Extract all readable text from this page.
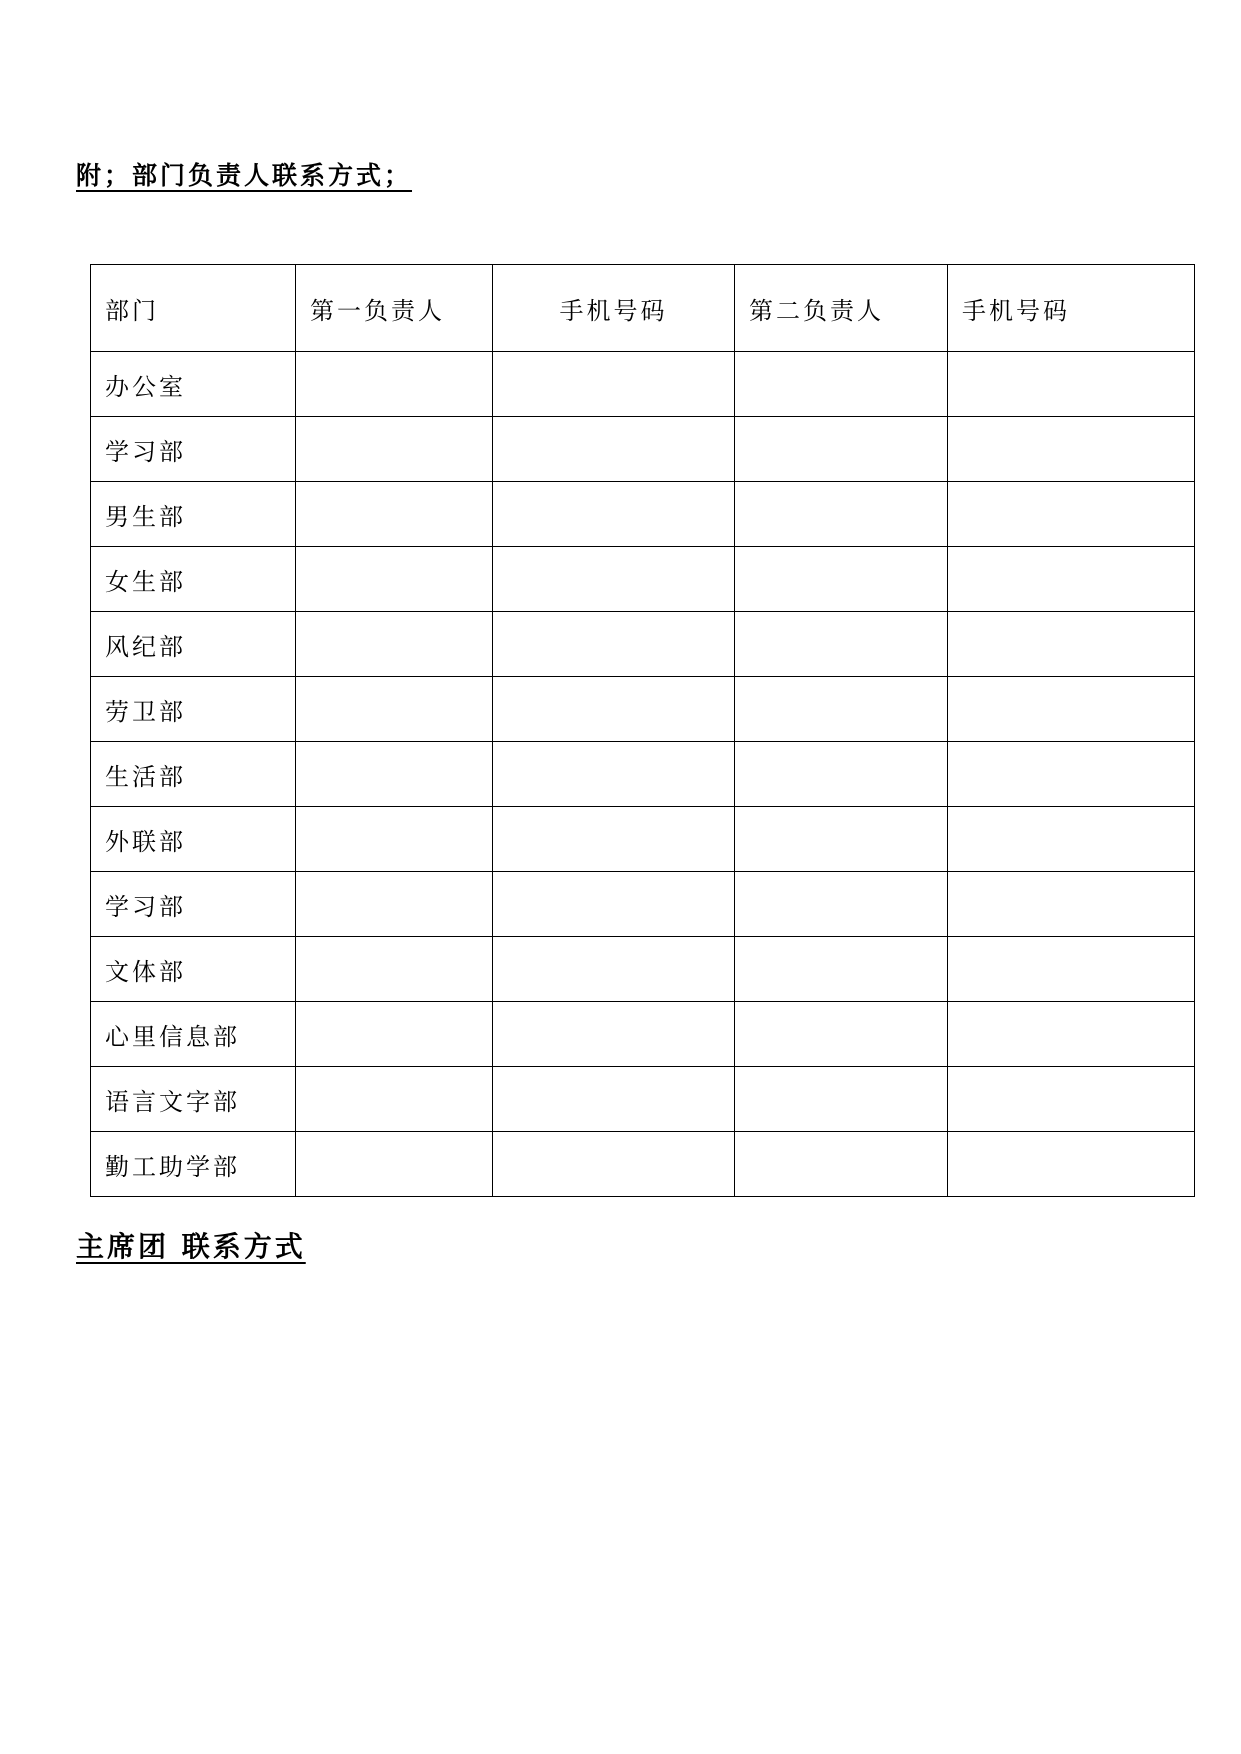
附；部门负责人联系方式；
部门	第一负责人	手机号码	第二负责人	手机号码
办公室				
学习部				
男生部				
女生部				
风纪部				
劳卫部				
生活部				
外联部				
学习部				
文体部				
心里信息部				
语言文字部				
勤工助学部				
主席团 联系方式
